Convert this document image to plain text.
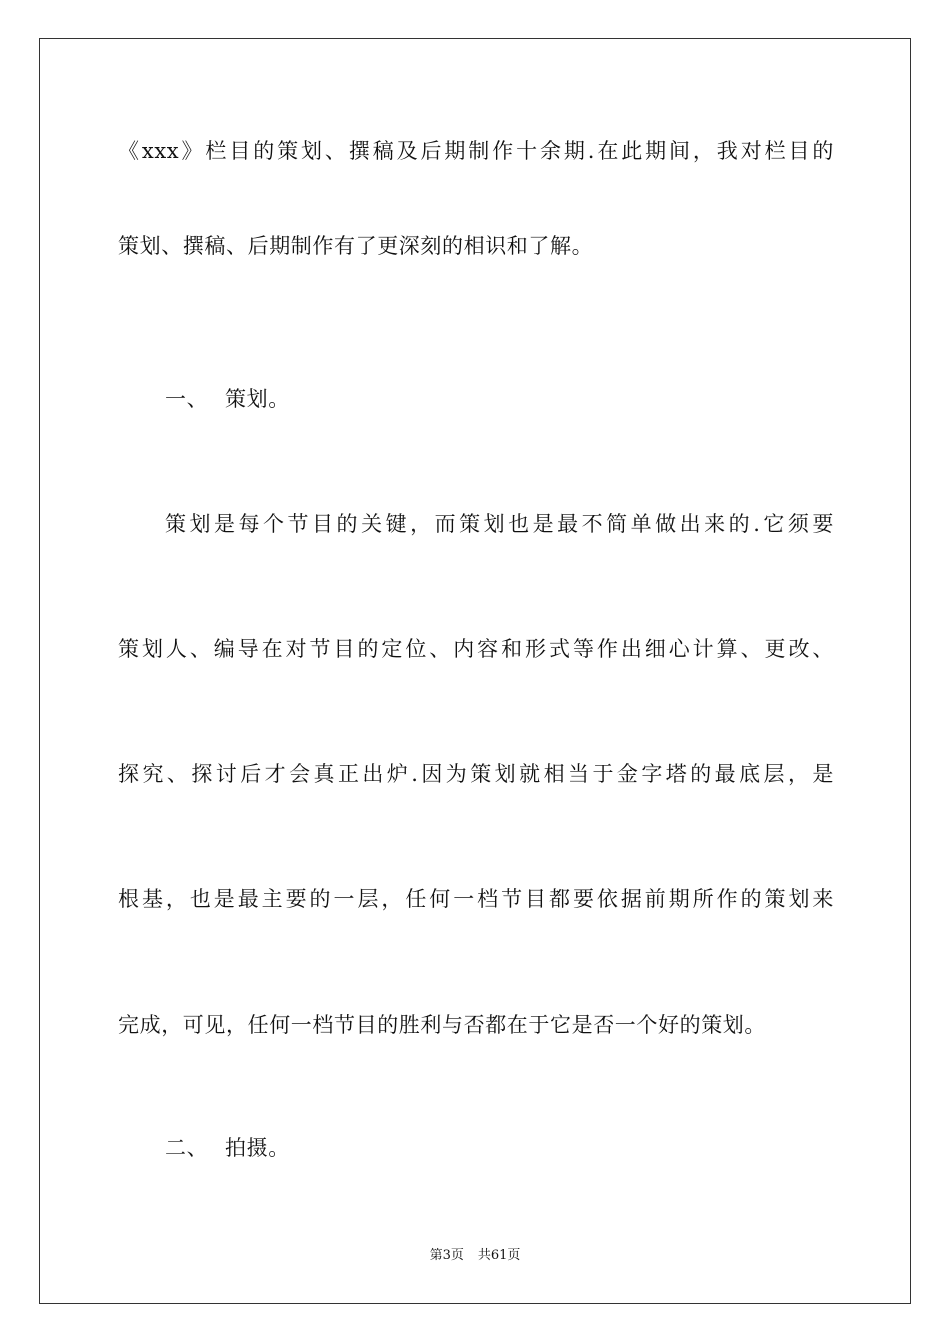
《xxx》栏目的策划、撰稿及后期制作十余期.在此期间，我对栏目的
策划、撰稿、后期制作有了更深刻的相识和了解。
一、 策划。
策划是每个节目的关键，而策划也是最不简单做出来的.它须要
策划人、编导在对节目的定位、内容和形式等作出细心计算、更改、
探究、探讨后才会真正出炉.因为策划就相当于金字塔的最底层，是
根基，也是最主要的一层，任何一档节目都要依据前期所作的策划来
完成，可见，任何一档节目的胜利与否都在于它是否一个好的策划。
二、 拍摄。
第3页 共61页
